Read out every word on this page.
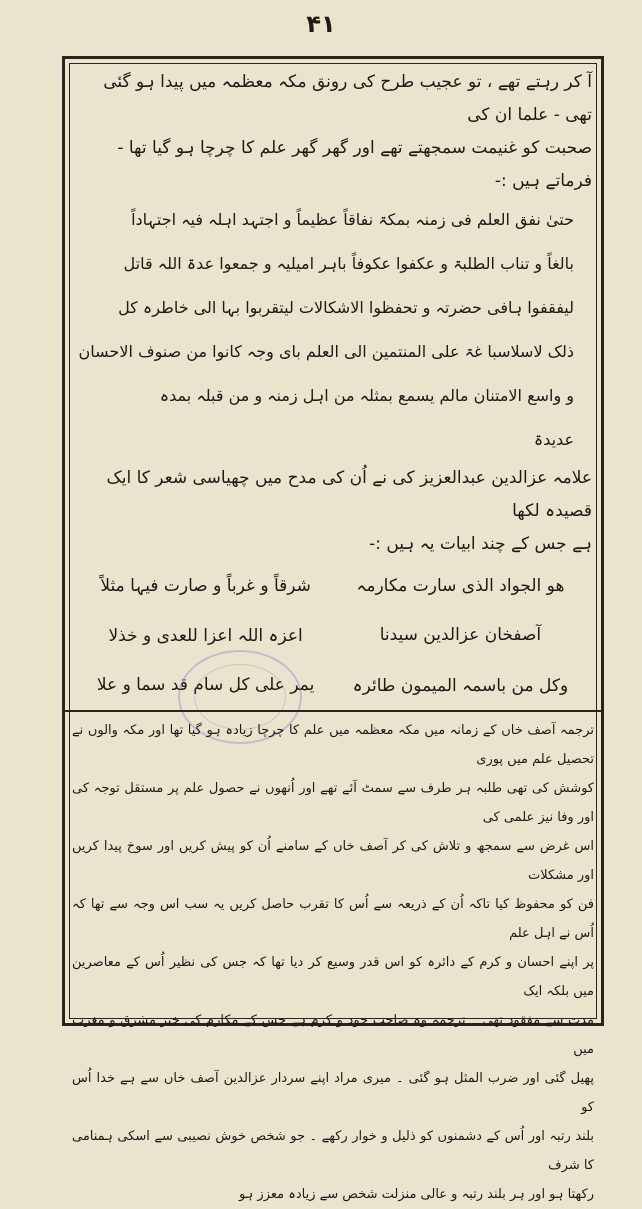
۴۱

آ کر رہتے تھے ، تو عجیب طرح کی رونق مکہ معظمہ میں پیدا ہو گئی تھی - علما ان کی

صحبت کو غنیمت سمجھتے تھے اور گھر گھر علم کا چرچا ہو گیا تھا - فرماتے ہیں :-

حتیٰ نفق العلم فی زمنہ بمکۃ نفاقاً عظیماً و اجتہد اہلہ فیہ اجتہاداً

بالغاً و تناب الطلبۃ و عکفوا عکوفاً باہر امیلیہ و جمعوا عدۃ اللہ قاتل

لیفقفوا ہافی حضرتہ و تحفظوا الاشکالات لیتقربوا بہا الی خاطرہ کل

ذلک لاسلاسبا غۃ علی المنتمین الی العلم بای وجہ کانوا من صنوف الاحسان

و واسع الامتنان مالم یسمع بمثلہ من اہل زمنہ و من قبلہ بمدہ

عدیدۃ

علامہ عزالدین عبدالعزیز کی نے اُن کی مدح میں چھیاسی شعر کا ایک قصیدہ لکھا

ہے جس کے چند ابیات یہ ہیں :-

ھو الجواد الذی سارت مکارمہ
شرقاً و غرباً و صارت فیہا مثلاً
آصفخان عزالدین سیدنا
اعزہ اللہ اعزا للعدی و خذلا
وکل من باسمہ المیمون طائرہ
یمر علی کل سام قد سما و علا

ترجمہ آصف خاں کے زمانہ میں مکہ معظمہ میں علم کا چرچا زیادہ ہو گیا تھا اور مکہ والوں نے تحصیل علم میں پوری

کوشش کی تھی طلبہ ہر طرف سے سمٹ آئے تھے اور اُنھوں نے حصول علم پر مستقل توجہ کی اور وفا نیز علمی کی

اس غرض سے سمجھ و تلاش کی کر آصف خاں کے سامنے اُن کو پیش کریں اور سوخ پیدا کریں اور مشکلات

فن کو محفوظ کیا تاکہ اُن کے ذریعہ سے اُس کا تقرب حاصل کریں یہ سب اس وجہ سے تھا کہ اُس نے اہل علم

پر اپنے احسان و کرم کے دائرہ کو اس قدر وسیع کر دیا تھا کہ جس کی نظیر اُس کے معاصرین میں بلکہ ایک

مدت سے مفقود تھی ۔ ترجمہ وہ صاحب جود و کرم ہے جس کے مکارم کی خبر مشرق و مغرب میں

پھیل گئی اور ضرب المثل ہو گئی ۔ میری مراد اپنے سردار عزالدین آصف خاں سے ہے خدا اُس کو

بلند رتبہ اور اُس کے دشمنوں کو ذلیل و خوار رکھے ۔ جو شخص خوش نصیبی سے اسکی ہمنامی کا شرف

رکھتا ہو اور ہر بلند رتبہ و عالی منزلت شخص سے زیادہ معزز ہو
